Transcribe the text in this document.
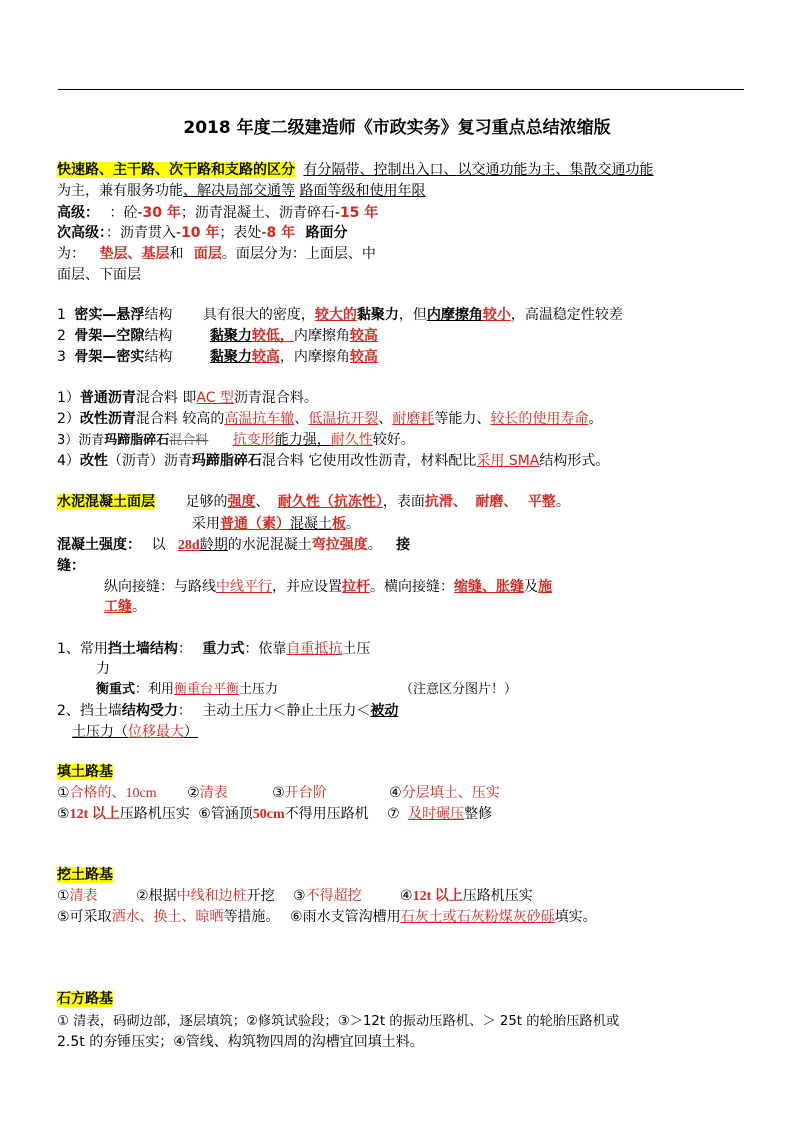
2018 年度二级建造师《市政实务》复习重点总结浓缩版
快速路、主干路、次干路和支路的区分 有分隔带、控制出入口、以交通功能为主、集散交通功能
为主，兼有服务功能、解决局部交通等 路面等级和使用年限
高级： ：砼-30 年；沥青混凝土、沥青碎石-15 年
次高级：：沥青贯入-10 年；表处-8 年 路面分
为： 垫层、基层和 面层。面层分为：上面层、中
面层、下面层
1 密实—悬浮结构 具有很大的密度，较大的黏聚力，但内摩擦角较小，高温稳定性较差
2 骨架—空隙结构	黏聚力较低，内摩擦角较高
3 骨架—密实结构	黏聚力较高，内摩擦角较高
1）普通沥青混合料 即AC 型沥青混合料。
2）改性沥青混合料 较高的高温抗车辙、低温抗开裂、耐磨耗等能力、较长的使用寿命。
3）沥青玛蹄脂碎石混合料 抗变形能力强，耐久性较好。
4）改性（沥青）沥青玛蹄脂碎石混合料 它使用改性沥青，材料配比采用 SMA结构形式。
水泥混凝土面层 足够的强度、 耐久性（抗冻性），表面抗滑、 耐磨、 平整。
采用普通（素）混凝土板。
混凝土强度： 以 28d龄期的水泥混凝土弯拉强度。 接
缝：
纵向接缝：与路线中线平行，并应设置拉杆。横向接缝：缩缝、胀缝及施
工缝。
1、常用挡土墙结构： 重力式：依靠自重抵抗土压
力
衡重式：利用衡重台平衡土压力	（注意区分图片！）
2、挡土墙结构受力： 主动土压力＜静止土压力＜被动
土压力（位移最大）
填土路基
①合格的、10cm ②清表	③开台阶	④分层填土、压实
⑤12t 以上压路机压实 ⑥管涵顶50cm不得用压路机 ⑦ 及时碾压整修
挖土路基
①清表	②根据中线和边桩开挖 ③不得超挖	④12t 以上压路机压实
⑤可采取洒水、换土、晾晒等措施。 ⑥雨水支管沟槽用石灰土或石灰粉煤灰砂砾填实。
石方路基
① 清表，码砌边部，逐层填筑；②修筑试验段；③＞12t 的振动压路机、＞ 25t 的轮胎压路机或
2.5t 的夯锤压实；④管线、构筑物四周的沟槽宜回填土料。
